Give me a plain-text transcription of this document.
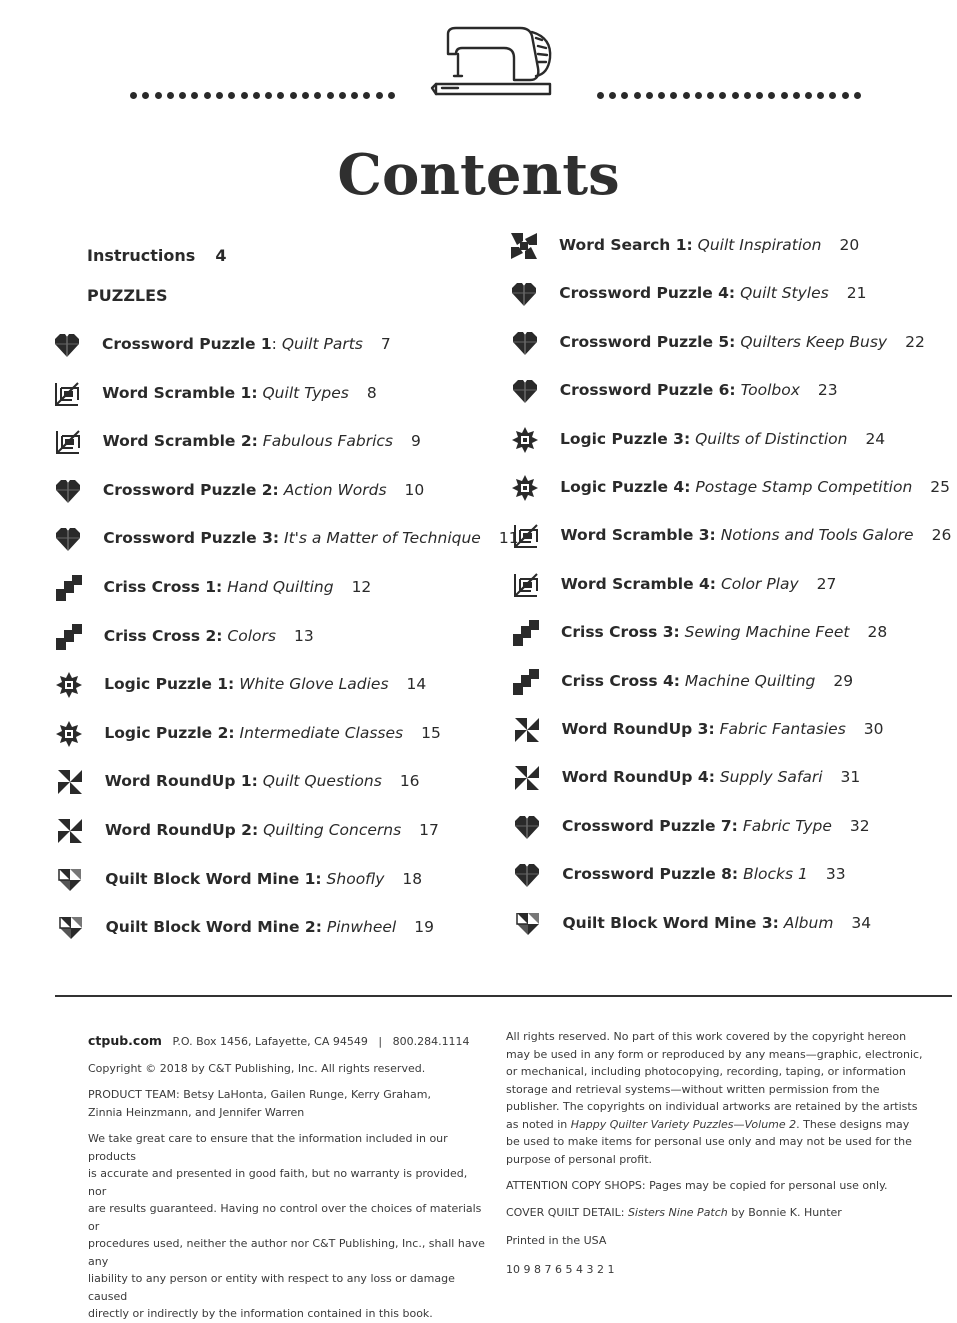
Contents
Instructions 4
PUZZLES
Crossword Puzzle 1: Quilt Parts 7
Word Scramble 1: Quilt Types 8
Word Scramble 2: Fabulous Fabrics 9
Crossword Puzzle 2: Action Words 10
Crossword Puzzle 3: It's a Matter of Technique 11
Criss Cross 1: Hand Quilting 12
Criss Cross 2: Colors 13
Logic Puzzle 1: White Glove Ladies 14
Logic Puzzle 2: Intermediate Classes 15
Word RoundUp 1: Quilt Questions 16
Word RoundUp 2: Quilting Concerns 17
Quilt Block Word Mine 1: Shoofly 18
Quilt Block Word Mine 2: Pinwheel 19
Word Search 1: Quilt Inspiration 20
Crossword Puzzle 4: Quilt Styles 21
Crossword Puzzle 5: Quilters Keep Busy 22
Crossword Puzzle 6: Toolbox 23
Logic Puzzle 3: Quilts of Distinction 24
Logic Puzzle 4: Postage Stamp Competition 25
Word Scramble 3: Notions and Tools Galore 26
Word Scramble 4: Color Play 27
Criss Cross 3: Sewing Machine Feet 28
Criss Cross 4: Machine Quilting 29
Word RoundUp 3: Fabric Fantasies 30
Word RoundUp 4: Supply Safari 31
Crossword Puzzle 7: Fabric Type 32
Crossword Puzzle 8: Blocks 1 33
Quilt Block Word Mine 3: Album 34

ctpub.com P.O. Box 1456, Lafayette, CA 94549 | 800.284.1114

Copyright © 2018 by C&T Publishing, Inc. All rights reserved.

PRODUCT TEAM: Betsy LaHonta, Gailen Runge, Kerry Graham,

Zinnia Heinzmann, and Jennifer Warren

We take great care to ensure that the information included in our products

is accurate and presented in good faith, but no warranty is provided, nor

are results guaranteed. Having no control over the choices of materials or

procedures used, neither the author nor C&T Publishing, Inc., shall have any

liability to any person or entity with respect to any loss or damage caused

directly or indirectly by the information contained in this book.

All rights reserved. No part of this work covered by the copyright hereon

may be used in any form or reproduced by any means—graphic, electronic,

or mechanical, including photocopying, recording, taping, or information

storage and retrieval systems—without written permission from the

publisher. The copyrights on individual artworks are retained by the artists

as noted in Happy Quilter Variety Puzzles—Volume 2. These designs may

be used to make items for personal use only and may not be used for the

purpose of personal profit.

ATTENTION COPY SHOPS: Pages may be copied for personal use only.

COVER QUILT DETAIL: Sisters Nine Patch by Bonnie K. Hunter

Printed in the USA

10 9 8 7 6 5 4 3 2 1
